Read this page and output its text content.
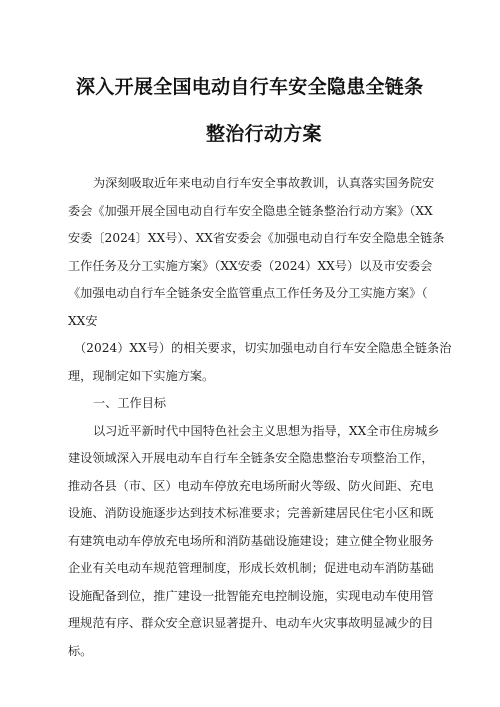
深入开展全国电动自行车安全隐患全链条
整治行动方案
为深刻吸取近年来电动自行车安全事故教训，认真落实国务院安
委会《加强开展全国电动自行车安全隐患全链条整治行动方案》（XX
安委〔2024〕XX号）、XX省安委会《加强电动自行车安全隐患全链条
工作任务及分工实施方案》（XX安委（2024）XX号）以及市安委会
《加强电动自行车全链条安全监管重点工作任务及分工实施方案》（
XX安
（2024）XX号）的相关要求，切实加强电动自行车安全隐患全链条治
理，现制定如下实施方案。
一、工作目标
以习近平新时代中国特色社会主义思想为指导，XX全市住房城乡
建设领域深入开展电动车自行车全链条安全隐患整治专项整治工作，
推动各县（市、区）电动车停放充电场所耐火等级、防火间距、充电
设施、消防设施逐步达到技术标准要求；完善新建居民住宅小区和既
有建筑电动车停放充电场所和消防基础设施建设；建立健全物业服务
企业有关电动车规范管理制度，形成长效机制；促进电动车消防基础
设施配备到位，推广建设一批智能充电控制设施，实现电动车使用管
理规范有序、群众安全意识显著提升、电动车火灾事故明显减少的目
标。
